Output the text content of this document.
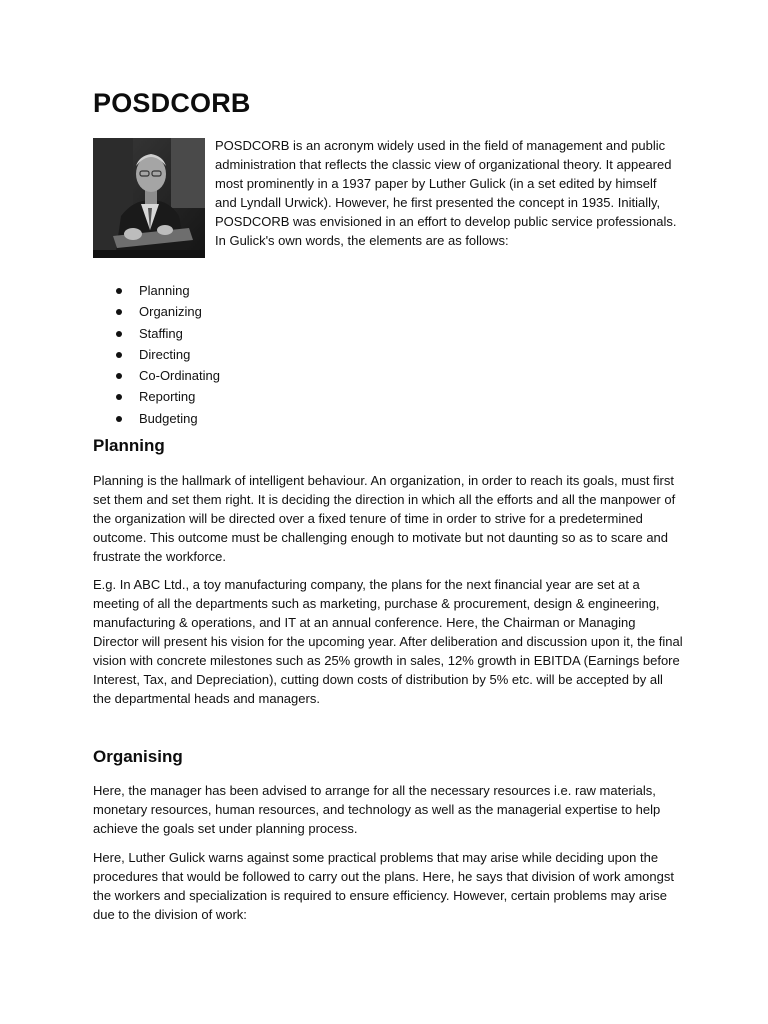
POSDCORB

POSDCORB is an acronym widely used in the field of management and public administration that reflects the classic view of organizational theory. It appeared most prominently in a 1937 paper by Luther Gulick (in a set edited by himself and Lyndall Urwick). However, he first presented the concept in 1935. Initially, POSDCORB was envisioned in an effort to develop public service professionals. In Gulick's own words, the elements are as follows:

Planning
Organizing
Staffing
Directing
Co-Ordinating
Reporting
Budgeting
Planning

Planning is the hallmark of intelligent behaviour. An organization, in order to reach its goals, must first set them and set them right. It is deciding the direction in which all the efforts and all the manpower of the organization will be directed over a fixed tenure of time in order to strive for a predetermined outcome. This outcome must be challenging enough to motivate but not daunting so as to scare and frustrate the workforce.

E.g. In ABC Ltd., a toy manufacturing company, the plans for the next financial year are set at a meeting of all the departments such as marketing, purchase & procurement, design & engineering, manufacturing & operations, and IT at an annual conference. Here, the Chairman or Managing Director will present his vision for the upcoming year. After deliberation and discussion upon it, the final vision with concrete milestones such as 25% growth in sales, 12% growth in EBITDA (Earnings before Interest, Tax, and Depreciation), cutting down costs of distribution by 5% etc. will be accepted by all the departmental heads and managers.

Organising

Here, the manager has been advised to arrange for all the necessary resources i.e. raw materials, monetary resources, human resources, and technology as well as the managerial expertise to help achieve the goals set under planning process.

Here, Luther Gulick warns against some practical problems that may arise while deciding upon the procedures that would be followed to carry out the plans. Here, he says that division of work amongst the workers and specialization is required to ensure efficiency. However, certain problems may arise due to the division of work:
